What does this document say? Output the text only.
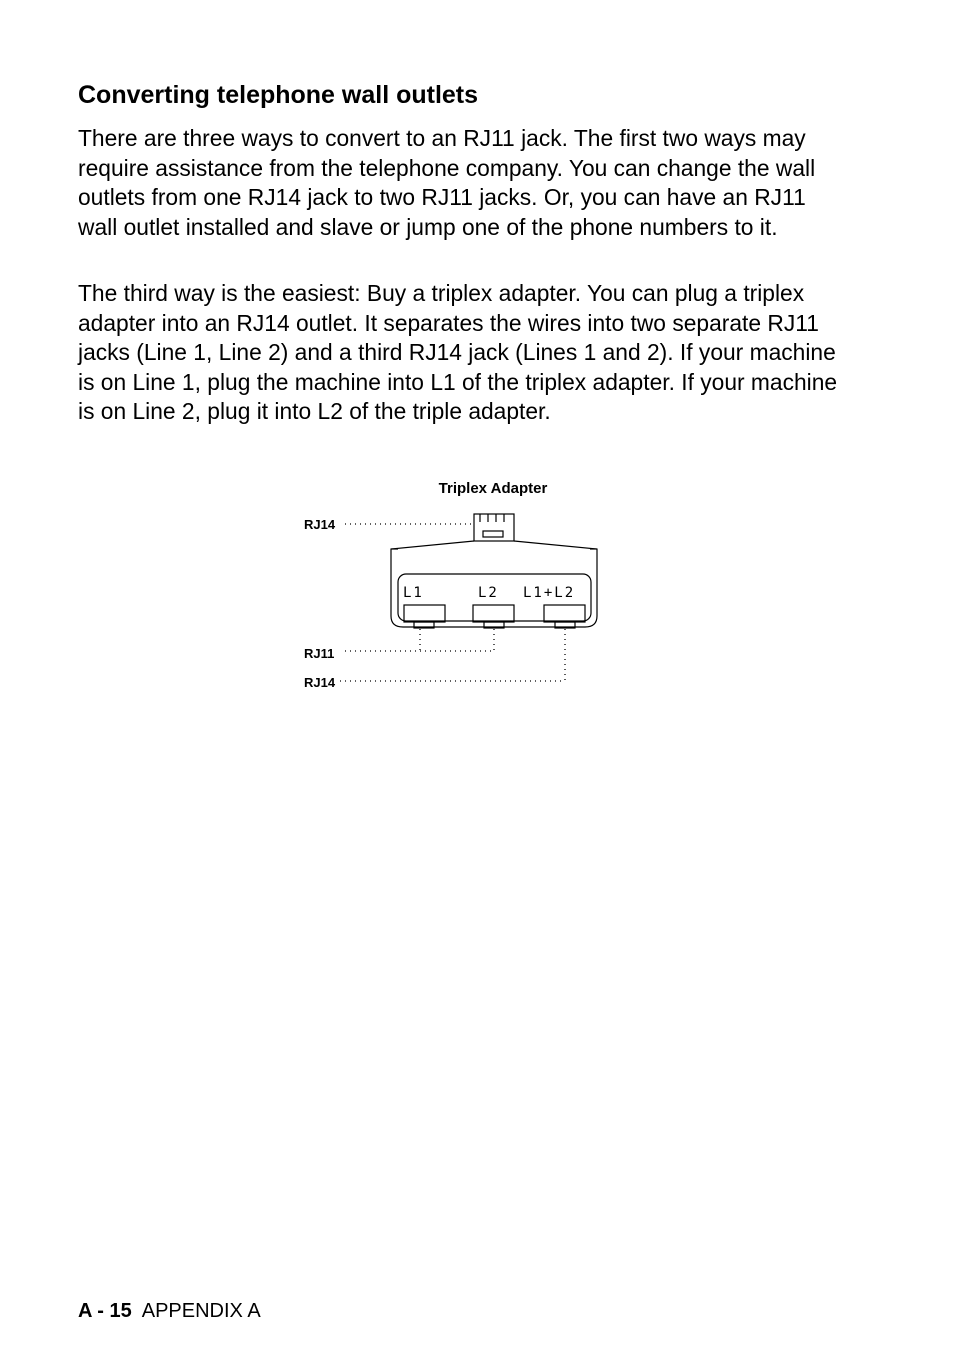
Converting telephone wall outlets

There are three ways to convert to an RJ11 jack. The first two ways may require assistance from the telephone company. You can change the wall outlets from one RJ14 jack to two RJ11 jacks. Or, you can have an RJ11 wall outlet installed and slave or jump one of the phone numbers to it.

The third way is the easiest: Buy a triplex adapter. You can plug a triplex adapter into an RJ14 outlet. It separates the wires into two separate RJ11 jacks (Line 1, Line 2) and a third RJ14 jack (Lines 1 and 2). If your machine is on Line 1, plug the machine into L1 of the triplex adapter. If your machine is on Line 2, plug it into L2 of the triple adapter.

Triplex Adapter
RJ14
RJ11
RJ14
L1	L2 L1+L2
A - 15 APPENDIX A
